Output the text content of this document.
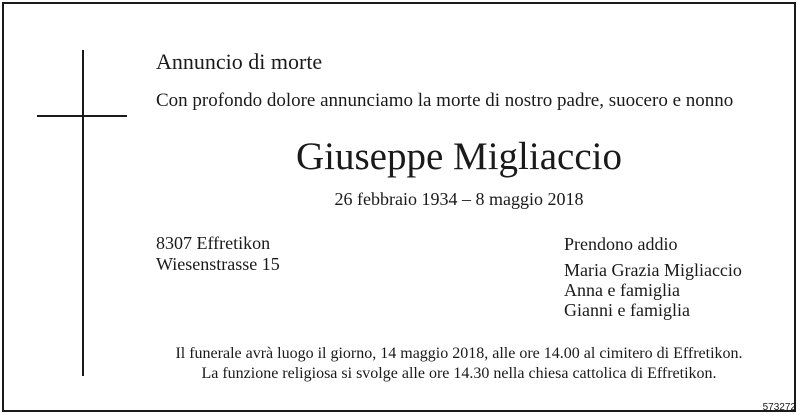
Annuncio di morte
Con profondo dolore annunciamo la morte di nostro padre, suocero e nonno
Giuseppe Migliaccio
26 febbraio 1934 – 8 maggio 2018
8307 Effretikon
Wiesenstrasse 15
Prendono addio
Maria Grazia Migliaccio
Anna e famiglia
Gianni e famiglia
Il funerale avrà luogo il giorno, 14 maggio 2018, alle ore 14.00 al cimitero di Effretikon.
La funzione religiosa si svolge alle ore 14.30 nella chiesa cattolica di Effretikon.
573272
